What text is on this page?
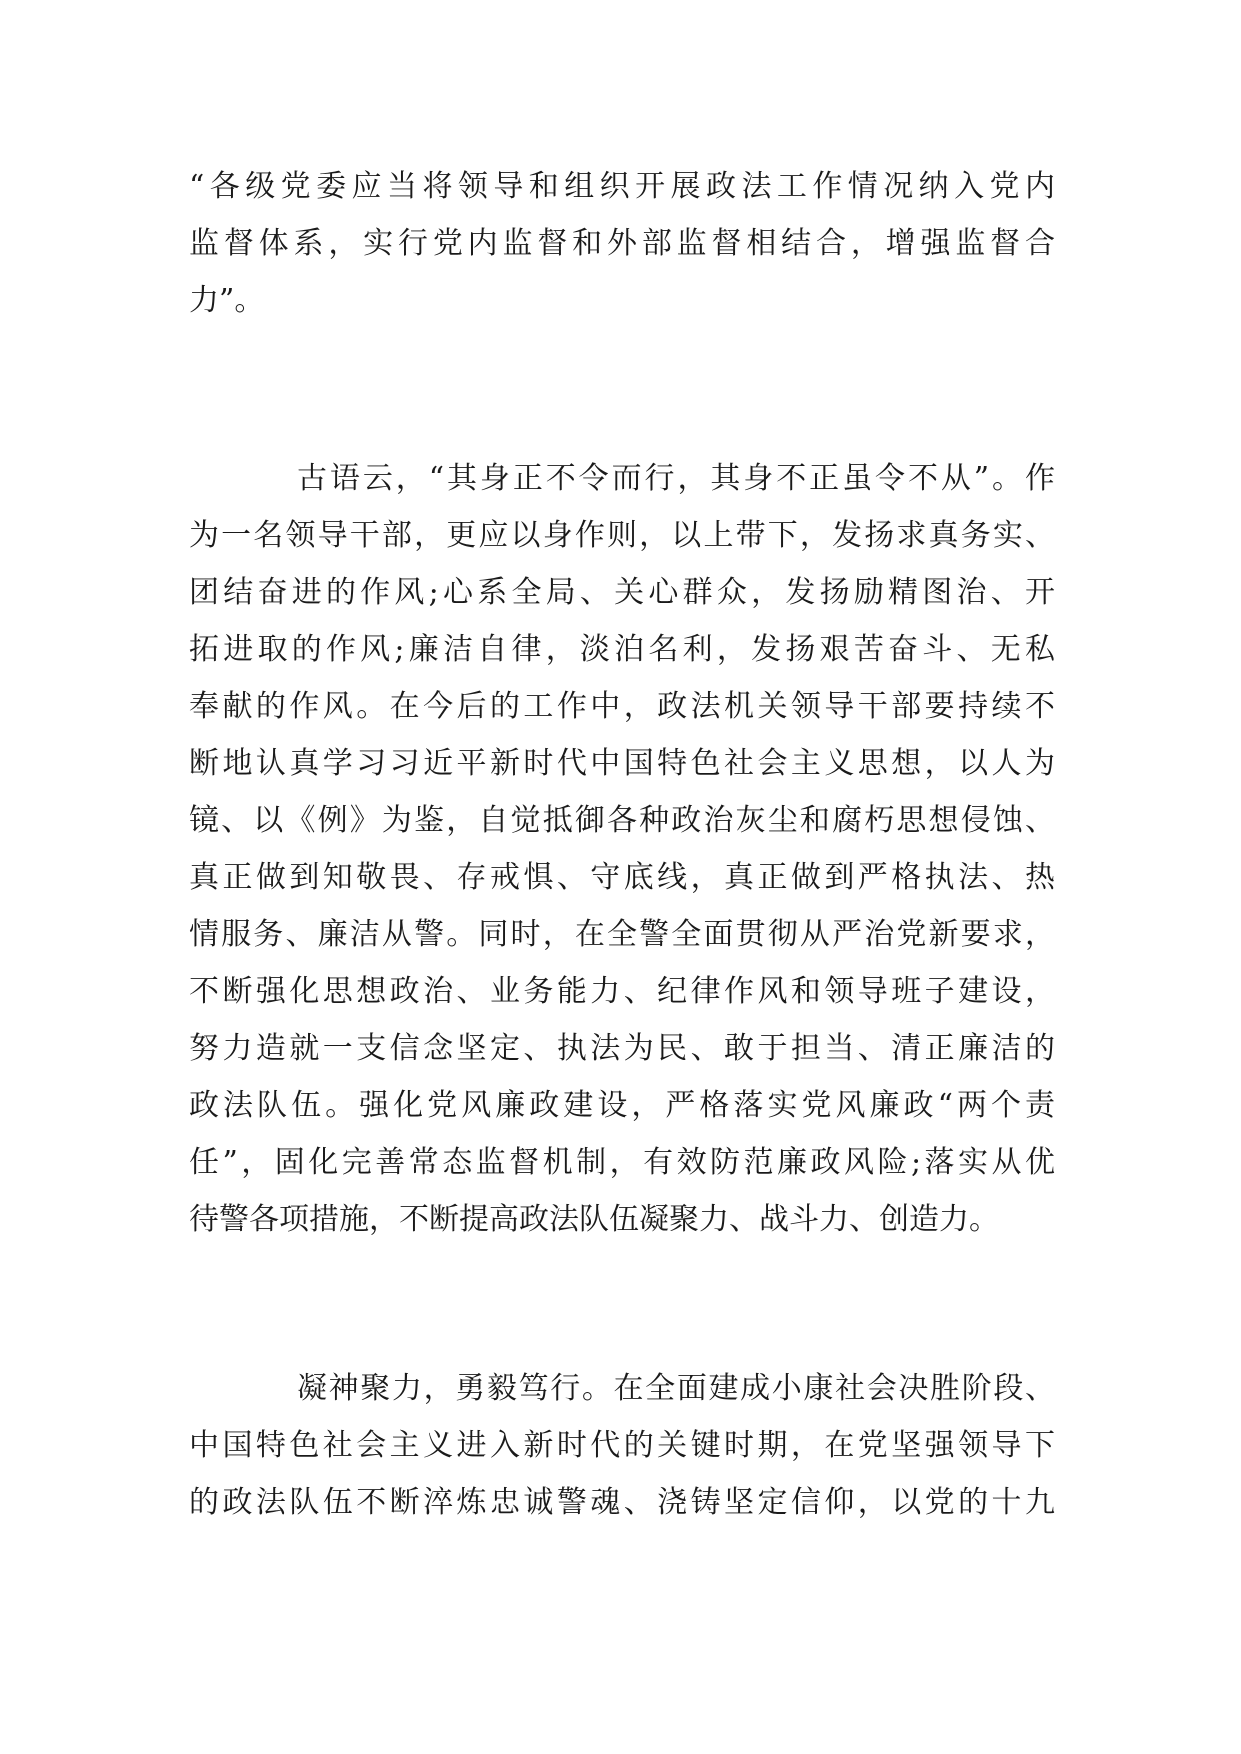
“各级党委应当将领导和组织开展政法工作情况纳入党内
监督体系，实行党内监督和外部监督相结合，增强监督合
力”。

古语云，“其身正不令而行，其身不正虽令不从”。作
为一名领导干部，更应以身作则，以上带下，发扬求真务实、
团结奋进的作风;心系全局、关心群众，发扬励精图治、开
拓进取的作风;廉洁自律，淡泊名利，发扬艰苦奋斗、无私
奉献的作风。在今后的工作中，政法机关领导干部要持续不
断地认真学习习近平新时代中国特色社会主义思想，以人为
镜、以《例》为鉴，自觉抵御各种政治灰尘和腐朽思想侵蚀、
真正做到知敬畏、存戒惧、守底线，真正做到严格执法、热
情服务、廉洁从警。同时，在全警全面贯彻从严治党新要求，
不断强化思想政治、业务能力、纪律作风和领导班子建设，
努力造就一支信念坚定、执法为民、敢于担当、清正廉洁的
政法队伍。强化党风廉政建设，严格落实党风廉政“两个责
任”，固化完善常态监督机制，有效防范廉政风险;落实从优
待警各项措施，不断提高政法队伍凝聚力、战斗力、创造力。

凝神聚力，勇毅笃行。在全面建成小康社会决胜阶段、
中国特色社会主义进入新时代的关键时期，在党坚强领导下
的政法队伍不断淬炼忠诚警魂、浇铸坚定信仰，以党的十九
